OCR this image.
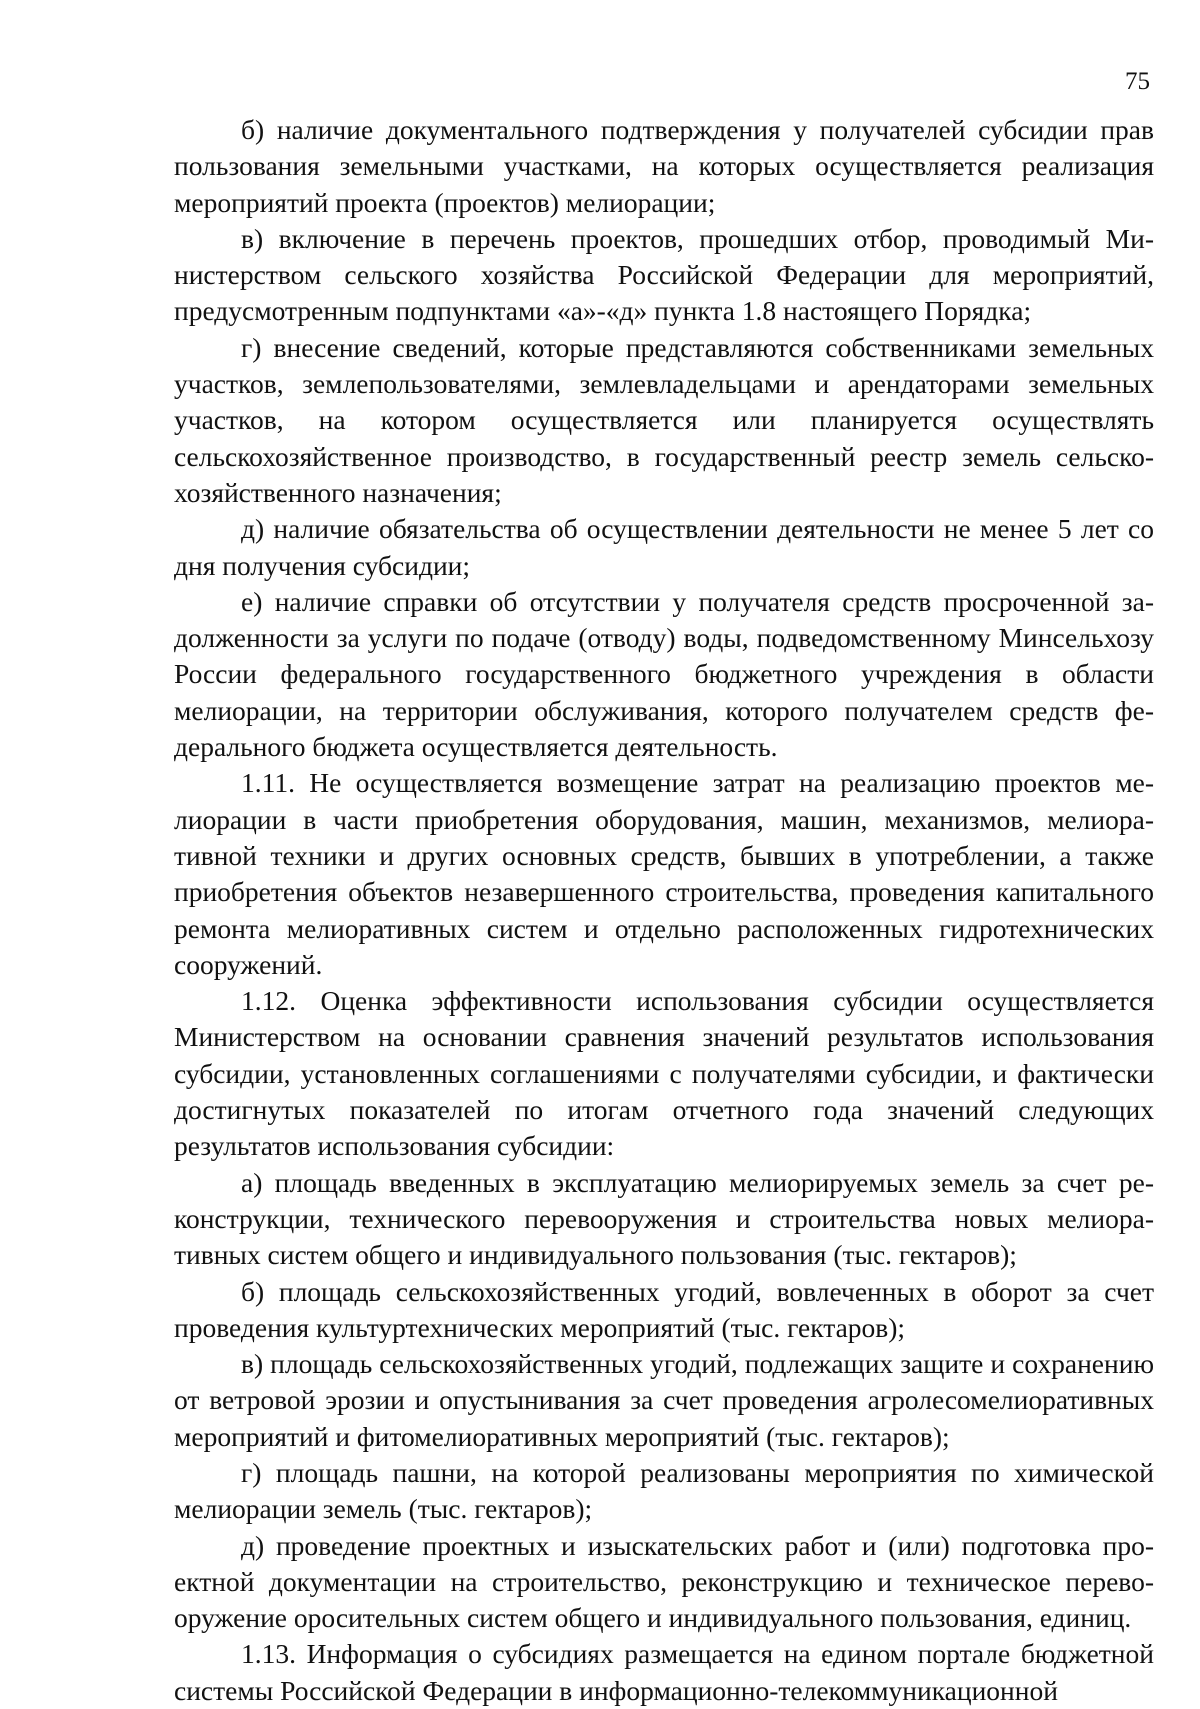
75

б) наличие документального подтверждения у получателей субсидии прав пользования земельными участками, на которых осуществляется реализация мероприятий проекта (проектов) мелиорации;

в) включение в перечень проектов, прошедших отбор, проводимый Министерством сельского хозяйства Российской Федерации для мероприятий, предусмотренным подпунктами «а»-«д» пункта 1.8 настоящего Порядка;

г) внесение сведений, которые представляются собственниками земельных участков, землепользователями, землевладельцами и арендаторами земельных участков, на котором осуществляется или планируется осуществлять сельскохозяйственное производство, в государственный реестр земель сельскохозяйственного назначения;

д) наличие обязательства об осуществлении деятельности не менее 5 лет со дня получения субсидии;

е) наличие справки об отсутствии у получателя средств просроченной задолженности за услуги по подаче (отводу) воды, подведомственному Минсельхозу России федерального государственного бюджетного учреждения в области мелиорации, на территории обслуживания, которого получателем средств федерального бюджета осуществляется деятельность.

1.11. Не осуществляется возмещение затрат на реализацию проектов мелиорации в части приобретения оборудования, машин, механизмов, мелиоративной техники и других основных средств, бывших в употреблении, а также приобретения объектов незавершенного строительства, проведения капитального ремонта мелиоративных систем и отдельно расположенных гидротехнических сооружений.

1.12. Оценка эффективности использования субсидии осуществляется Министерством на основании сравнения значений результатов использования субсидии, установленных соглашениями с получателями субсидии, и фактически достигнутых показателей по итогам отчетного года значений следующих результатов использования субсидии:

а) площадь введенных в эксплуатацию мелиорируемых земель за счет реконструкции, технического перевооружения и строительства новых мелиоративных систем общего и индивидуального пользования (тыс. гектаров);

б) площадь сельскохозяйственных угодий, вовлеченных в оборот за счет проведения культуртехнических мероприятий (тыс. гектаров);

в) площадь сельскохозяйственных угодий, подлежащих защите и сохранению от ветровой эрозии и опустынивания за счет проведения агролесомелиоративных мероприятий и фитомелиоративных мероприятий (тыс. гектаров);

г) площадь пашни, на которой реализованы мероприятия по химической мелиорации земель (тыс. гектаров);

д) проведение проектных и изыскательских работ и (или) подготовка проектной документации на строительство, реконструкцию и техническое перевооружение оросительных систем общего и индивидуального пользования, единиц.

1.13. Информация о субсидиях размещается на едином портале бюджетной системы Российской Федерации в информационно-телекоммуникационной
